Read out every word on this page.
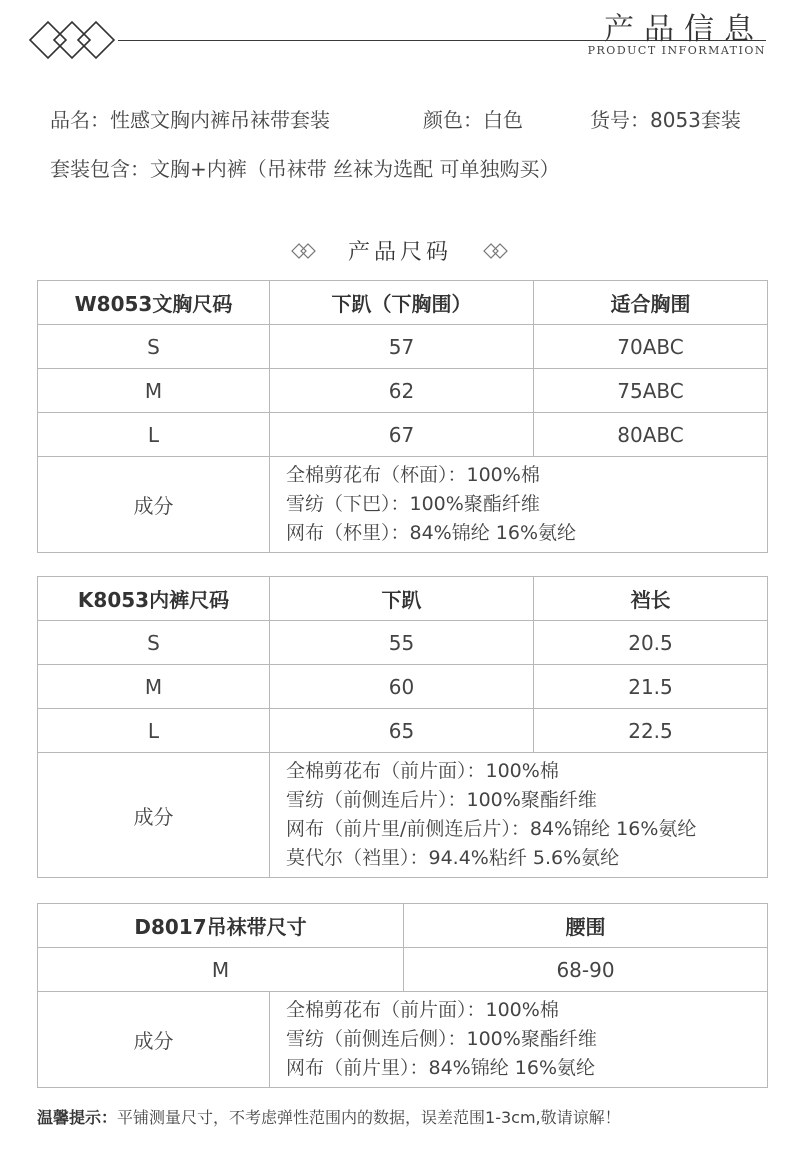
产品信息
PRODUCT INFORMATION
品名：性感文胸内裤吊袜带套装	颜色：白色	货号：8053套装
套装包含：文胸+内裤（吊袜带 丝袜为选配 可单独购买）
产品尺码
W8053文胸尺码	下趴（下胸围）	适合胸围
S	57	70ABC
M	62	75ABC
L	67	80ABC
成分	全棉剪花布（杯面）：100%棉
雪纺（下巴）：100%聚酯纤维
网布（杯里）：84%锦纶 16%氨纶	
K8053内裤尺码	下趴	裆长
S	55	20.5
M	60	21.5
L	65	22.5
成分	全棉剪花布（前片面）：100%棉
雪纺（前侧连后片）：100%聚酯纤维
网布（前片里/前侧连后片）：84%锦纶 16%氨纶
莫代尔（裆里）：94.4%粘纤 5.6%氨纶	
D8017吊袜带尺寸		腰围
M		68-90
成分	全棉剪花布（前片面）：100%棉
雪纺（前侧连后侧）：100%聚酯纤维
网布（前片里）：84%锦纶 16%氨纶	
温馨提示：平铺测量尺寸，不考虑弹性范围内的数据，误差范围1-3cm,敬请谅解！
